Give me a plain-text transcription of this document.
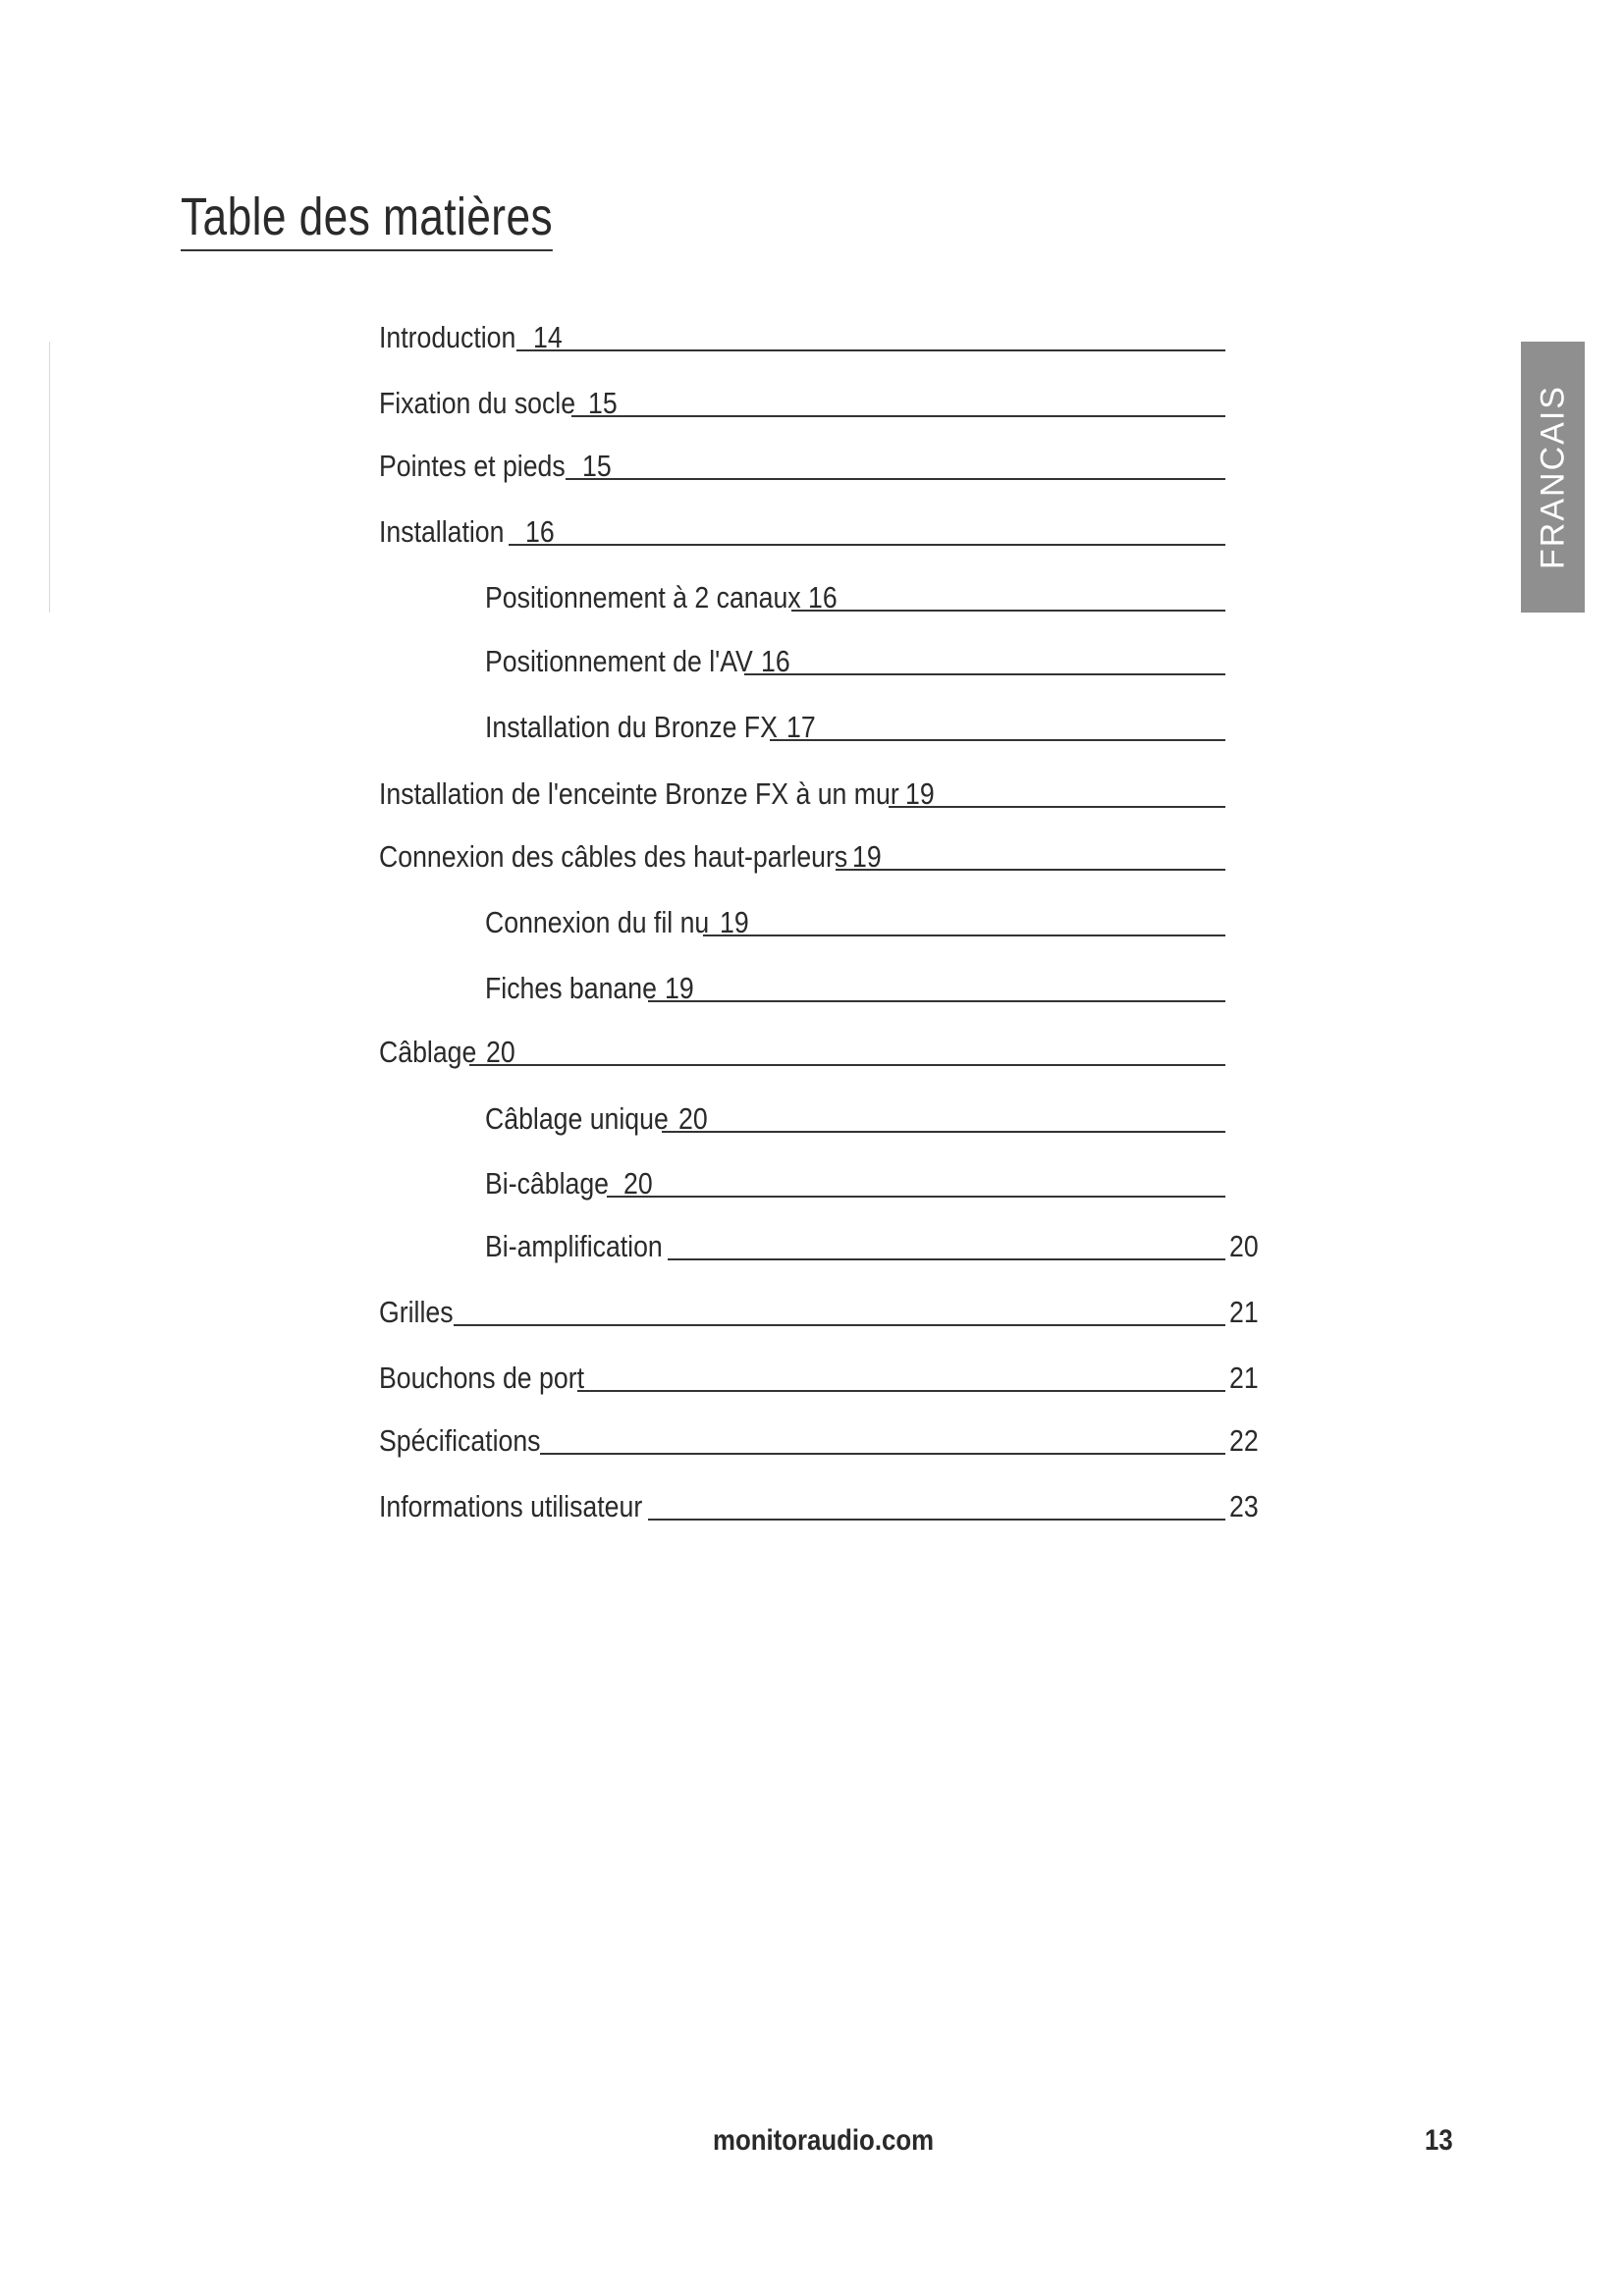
Table des matières
FRANCAIS
Introduction 14
Fixation du socle 15
Pointes et pieds 15
Installation 16
Positionnement à 2 canaux 16
Positionnement de l'AV 16
Installation du Bronze FX 17
Installation de l'enceinte Bronze FX à un mur 19
Connexion des câbles des haut-parleurs 19
Connexion du fil nu 19
Fiches banane 19
Câblage 20
Câblage unique 20
Bi-câblage 20
Bi-amplification	20
Grilles	21
Bouchons de port	21
Spécifications	22
Informations utilisateur	23
monitoraudio.com	13
